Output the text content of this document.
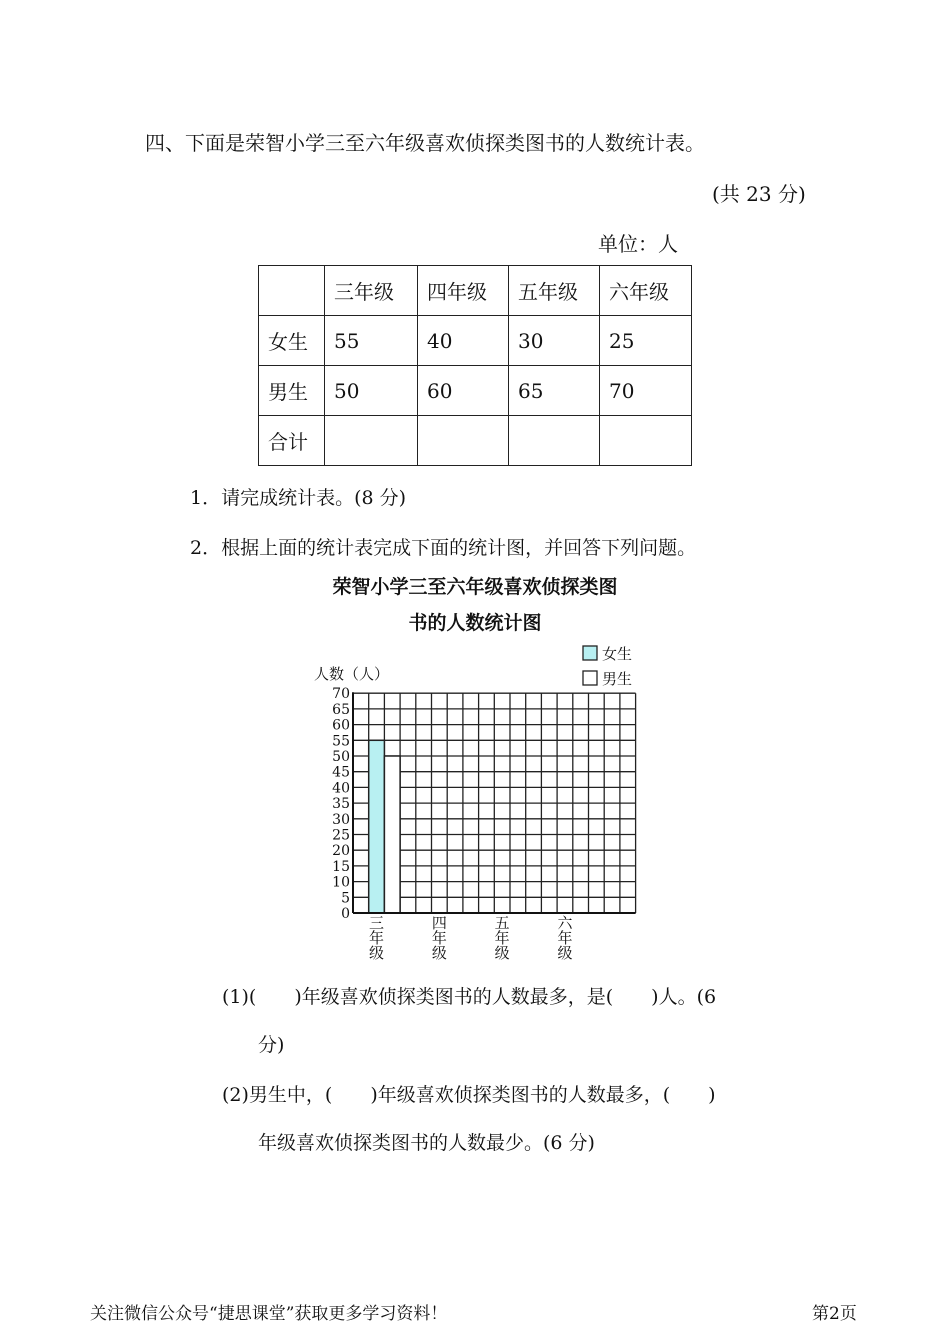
四、下面是荣智小学三至六年级喜欢侦探类图书的人数统计表。
(共 23 分)
单位：人
	三年级	四年级	五年级	六年级
女生	55	40	30	25
男生	50	60	65	70
合计				
1．请完成统计表。(8 分)
2．根据上面的统计表完成下面的统计图，并回答下列问题。
荣智小学三至六年级喜欢侦探类图
书的人数统计图
0
5
10
15
20
25
30
35
40
45
50
55
60
65
70
人数（人）
三
年
级
四
年
级
五
年
级
六
年
级
女生
男生
(1)(　　)年级喜欢侦探类图书的人数最多，是(　　)人。(6
分)
(2)男生中，(　　)年级喜欢侦探类图书的人数最多，(　　)
年级喜欢侦探类图书的人数最少。(6 分)
关注微信公众号“捷思课堂”获取更多学习资料！	第2页
